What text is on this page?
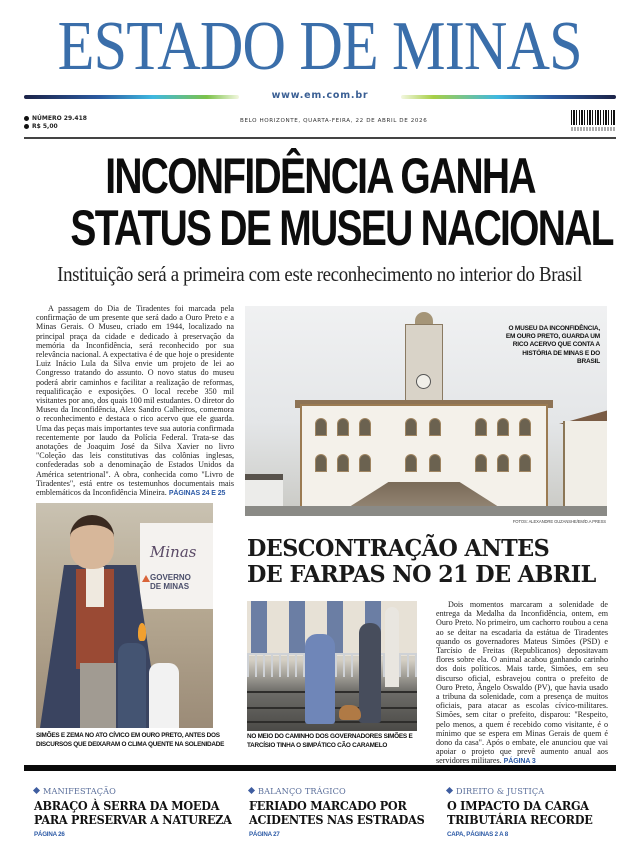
ESTADO DE MINAS
www.em.com.br
NÚMERO 29.418
R$ 5,00
BELO HORIZONTE, QUARTA-FEIRA, 22 DE ABRIL DE 2026
INCONFIDÊNCIA GANHA
STATUS DE MUSEU NACIONAL
Instituição será a primeira com este reconhecimento no interior do Brasil

A passagem do Dia de Tiradentes foi marcada pela confirmação de um presente que será dado a Ouro Preto e a Minas Gerais. O Museu, criado em 1944, localizado na principal praça da cidade e dedicado à preservação da memória da Inconfidência, será reconhecido por sua relevância nacional. A expectativa é de que hoje o presidente Luiz Inácio Lula da Silva envie um projeto de lei ao Congresso tratando do assunto. O novo status do museu poderá abrir caminhos e facilitar a realização de reformas, requalificação e exposições. O local recebe 350 mil visitantes por ano, dos quais 100 mil estudantes. O diretor do Museu da Inconfidência, Alex Sandro Calheiros, comemora o reconhecimento e destaca o rico acervo que ele guarda. Uma das peças mais importantes teve sua autoria confirmada recentemente por laudo da Polícia Federal. Trata-se das anotações de Joaquim José da Silva Xavier no livro "Coleção das leis constitutivas das colônias inglesas, confederadas sob a denominação de Estados Unidos da América setentrional". A obra, conhecida como "Livro de Tiradentes", está entre os testemunhos documentais mais emblemáticos da Inconfidência Mineira. PÁGINAS 24 E 25

O MUSEU DA INCONFIDÊNCIA, EM OURO PRETO, GUARDA UM RICO ACERVO QUE CONTA A HISTÓRIA DE MINAS E DO BRASIL
FOTOS: ALEXANDRE GUZANSHE/EM/D.A PRESS
Minas
GOVERNO
DE MINAS
SIMÕES E ZEMA NO ATO CÍVICO EM OURO PRETO, ANTES DOS DISCURSOS QUE DEIXARAM O CLIMA QUENTE NA SOLENIDADE
DESCONTRAÇÃO ANTES
DE FARPAS NO 21 DE ABRIL
NO MEIO DO CAMINHO DOS GOVERNADORES SIMÕES E TARCÍSIO TINHA O SIMPÁTICO CÃO CARAMELO

Dois momentos marcaram a solenidade de entrega da Medalha da Inconfidência, ontem, em Ouro Preto. No primeiro, um cachorro roubou a cena ao se deitar na escadaria da estátua de Tiradentes quando os governadores Mateus Simões (PSD) e Tarcísio de Freitas (Republicanos) depositavam flores sobre ela. O animal acabou ganhando carinho dos dois políticos. Mais tarde, Simões, em seu discurso oficial, esbravejou contra o prefeito de Ouro Preto, Ângelo Oswaldo (PV), que havia usado a tribuna da solenidade, com a presença de muitos oficiais, para atacar as escolas cívico-militares. Simões, sem citar o prefeito, disparou: "Respeito, pelo menos, a quem é recebido como visitante, é o mínimo que se espera em Minas Gerais de quem é dono da casa". Após o embate, ele anunciou que vai apoiar o projeto que prevê aumento anual aos servidores militares. PÁGINA 3

MANIFESTAÇÃO
ABRAÇO À SERRA DA MOEDA
PARA PRESERVAR A NATUREZA
PÁGINA 26
BALANÇO TRÁGICO
FERIADO MARCADO POR
ACIDENTES NAS ESTRADAS
PÁGINA 27
DIREITO & JUSTIÇA
O IMPACTO DA CARGA
TRIBUTÁRIA RECORDE
CAPA, PÁGINAS 2 A 8
